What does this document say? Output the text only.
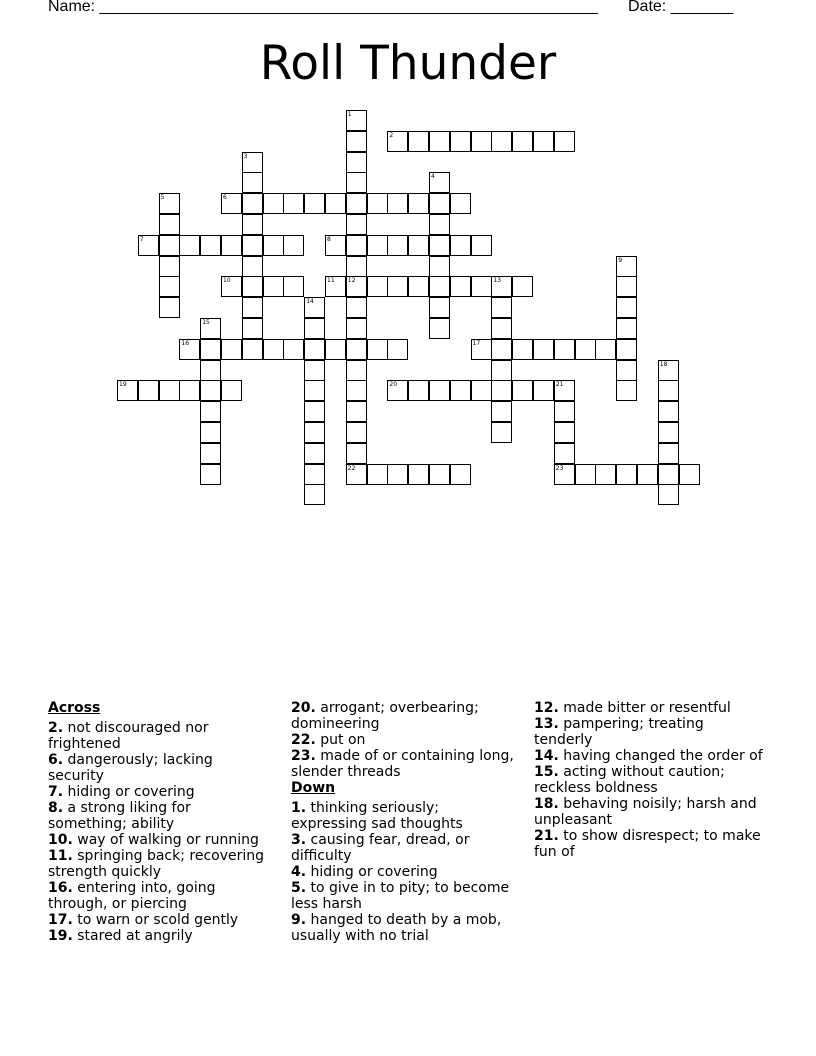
Name: ________________________________________________________ Date: _______
Roll Thunder
1
2
3
4
5	6
7	8
9
10	11 12	13
14
15
16	17
18
19	20	21
22	23
Across
2. not discouraged nor frightened
6. dangerously; lacking security
7. hiding or covering
8. a strong liking for something; ability
10. way of walking or running
11. springing back; recovering strength quickly
16. entering into, going through, or piercing
17. to warn or scold gently
19. stared at angrily
20. arrogant; overbearing; domineering
22. put on
23. made of or containing long, slender threads
Down
1. thinking seriously; expressing sad thoughts
3. causing fear, dread, or difficulty
4. hiding or covering
5. to give in to pity; to become less harsh
9. hanged to death by a mob, usually with no trial
12. made bitter or resentful
13. pampering; treating tenderly
14. having changed the order of
15. acting without caution; reckless boldness
18. behaving noisily; harsh and unpleasant
21. to show disrespect; to make fun of
